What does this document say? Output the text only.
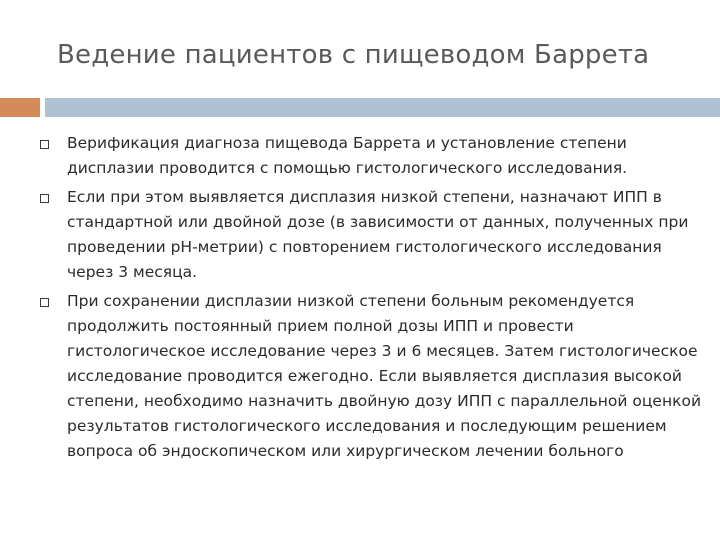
Ведение пациентов с пищеводом Баррета
Верификация диагноза пищевода Баррета и установление степени дисплазии проводится с помощью гистологического исследования.
Если при этом выявляется дисплазия низкой степени, назначают ИПП в стандартной или двойной дозе (в зависимости от данных, полученных при проведении рН-метрии) с повторением гистологического исследования через 3 месяца.
При сохранении дисплазии низкой степени больным рекомендуется продолжить постоянный прием полной дозы ИПП и провести гистологическое исследование через 3 и 6 месяцев. Затем гистологическое исследование проводится ежегодно. Если выявляется дисплазия высокой степени, необходимо назначить двойную дозу ИПП с параллельной оценкой результатов гистологического исследования и последующим решением вопроса об эндоскопическом или хирургическом лечении больного
